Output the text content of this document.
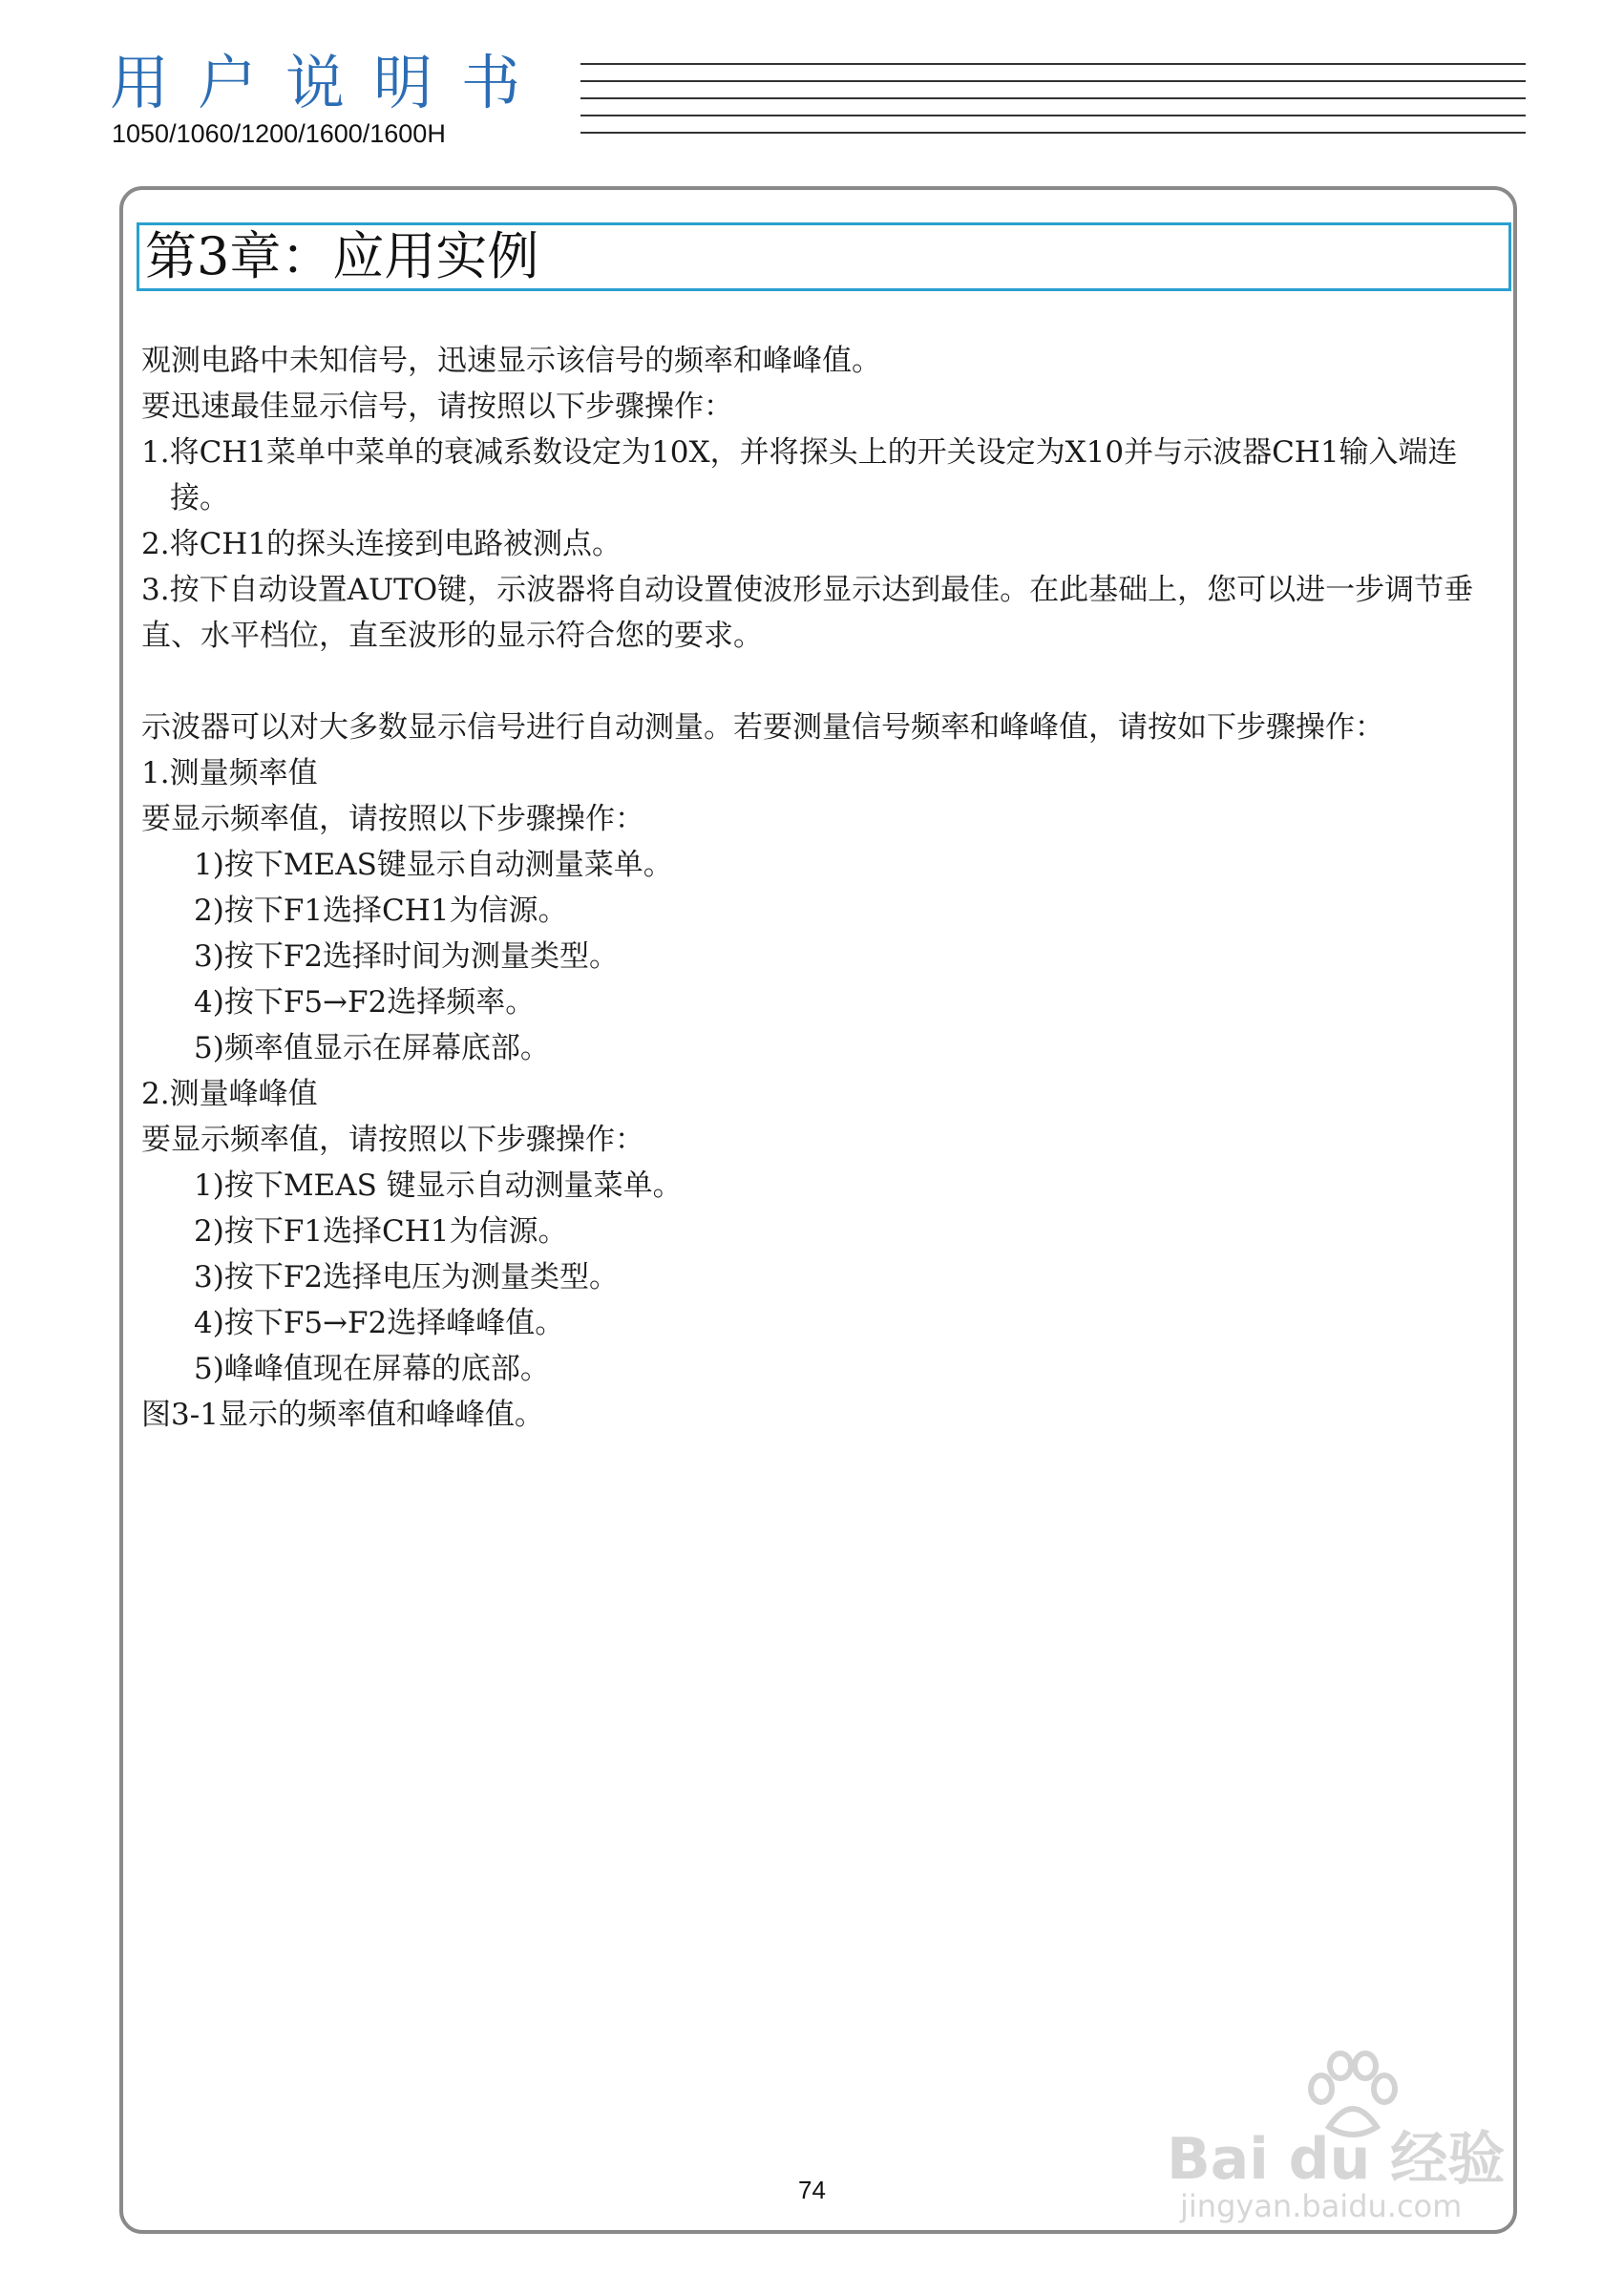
用户说明书
1050/1060/1200/1600/1600H
第3章：应用实例

观测电路中未知信号，迅速显示该信号的频率和峰峰值。

要迅速最佳显示信号，请按照以下步骤操作：

1.将CH1菜单中菜单的衰减系数设定为10X，并将探头上的开关设定为X10并与示波器CH1输入端连接。

2.将CH1的探头连接到电路被测点。

3.按下自动设置AUTO键，示波器将自动设置使波形显示达到最佳。在此基础上，您可以进一步调节垂直、水平档位，直至波形的显示符合您的要求。

示波器可以对大多数显示信号进行自动测量。若要测量信号频率和峰峰值，请按如下步骤操作：

1.测量频率值

要显示频率值，请按照以下步骤操作：

1)按下MEAS键显示自动测量菜单。

2)按下F1选择CH1为信源。

3)按下F2选择时间为测量类型。

4)按下F5→F2选择频率。

5)频率值显示在屏幕底部。

2.测量峰峰值

要显示频率值，请按照以下步骤操作：

1)按下MEAS 键显示自动测量菜单。

2)按下F1选择CH1为信源。

3)按下F2选择电压为测量类型。

4)按下F5→F2选择峰峰值。

5)峰峰值现在屏幕的底部。

图3-1显示的频率值和峰峰值。

74	Bai du 经验
jingyan.baidu.com
